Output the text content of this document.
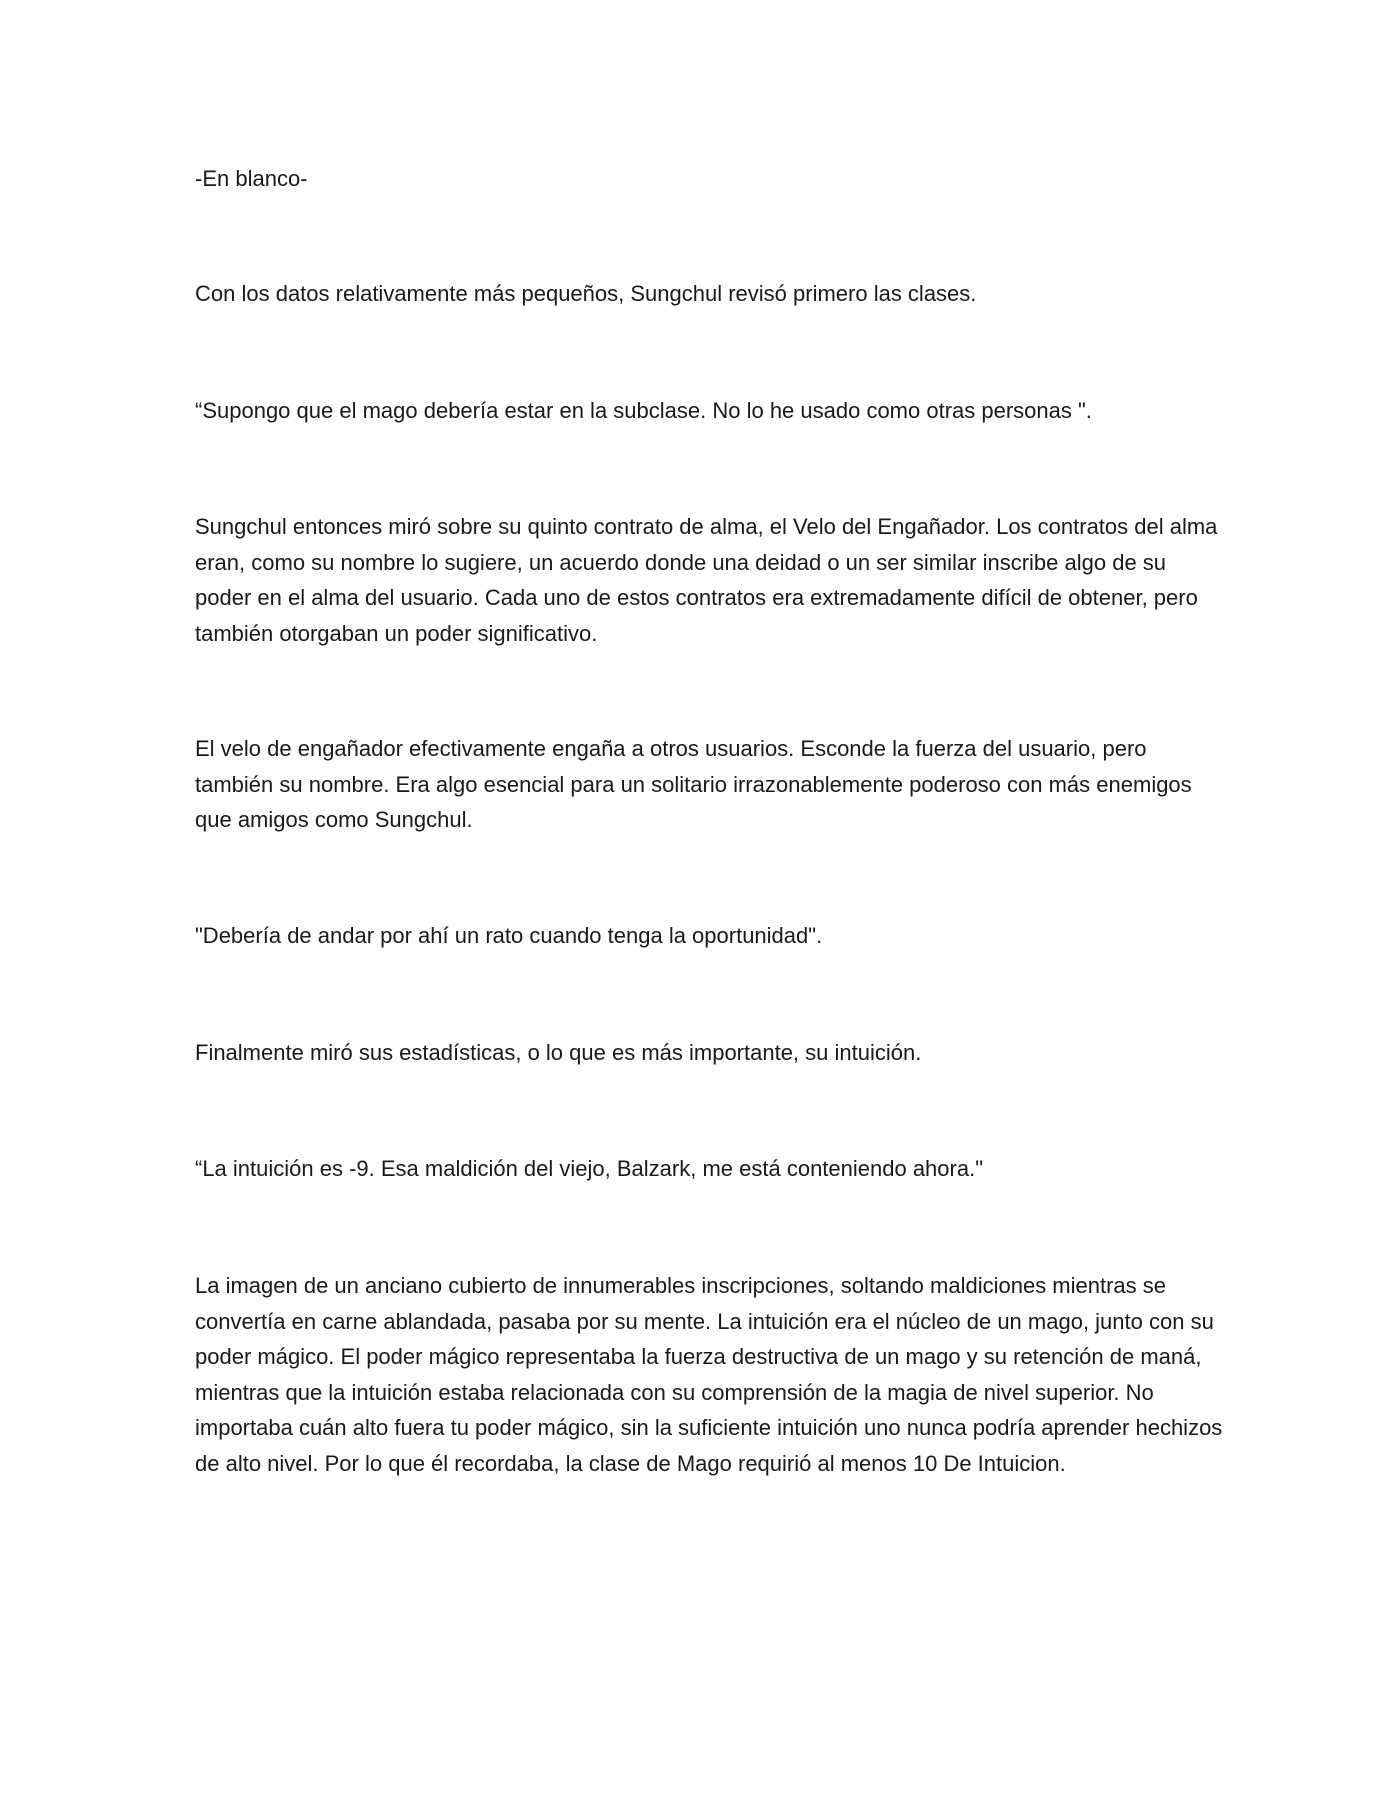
-En blanco-

Con los datos relativamente más pequeños, Sungchul revisó primero las clases.

“Supongo que el mago debería estar en la subclase. No lo he usado como otras personas ".

Sungchul entonces miró sobre su quinto contrato de alma, el Velo del Engañador. Los contratos del alma eran, como su nombre lo sugiere, un acuerdo donde una deidad o un ser similar inscribe algo de su poder en el alma del usuario. Cada uno de estos contratos era extremadamente difícil de obtener, pero también otorgaban un poder significativo.

El velo de engañador efectivamente engaña a otros usuarios. Esconde la fuerza del usuario, pero también su nombre. Era algo esencial para un solitario irrazonablemente poderoso con más enemigos que amigos como Sungchul.

"Debería de andar por ahí un rato cuando tenga la oportunidad".

Finalmente miró sus estadísticas, o lo que es más importante, su intuición.

“La intuición es -9. Esa maldición del viejo, Balzark, me está conteniendo ahora."

La imagen de un anciano cubierto de innumerables inscripciones, soltando maldiciones mientras se convertía en carne ablandada, pasaba por su mente. La intuición era el núcleo de un mago, junto con su poder mágico. El poder mágico representaba la fuerza destructiva de un mago y su retención de maná, mientras que la intuición estaba relacionada con su comprensión de la magia de nivel superior. No importaba cuán alto fuera tu poder mágico, sin la suficiente intuición uno nunca podría aprender hechizos de alto nivel. Por lo que él recordaba, la clase de Mago requirió al menos 10 De Intuicion.
